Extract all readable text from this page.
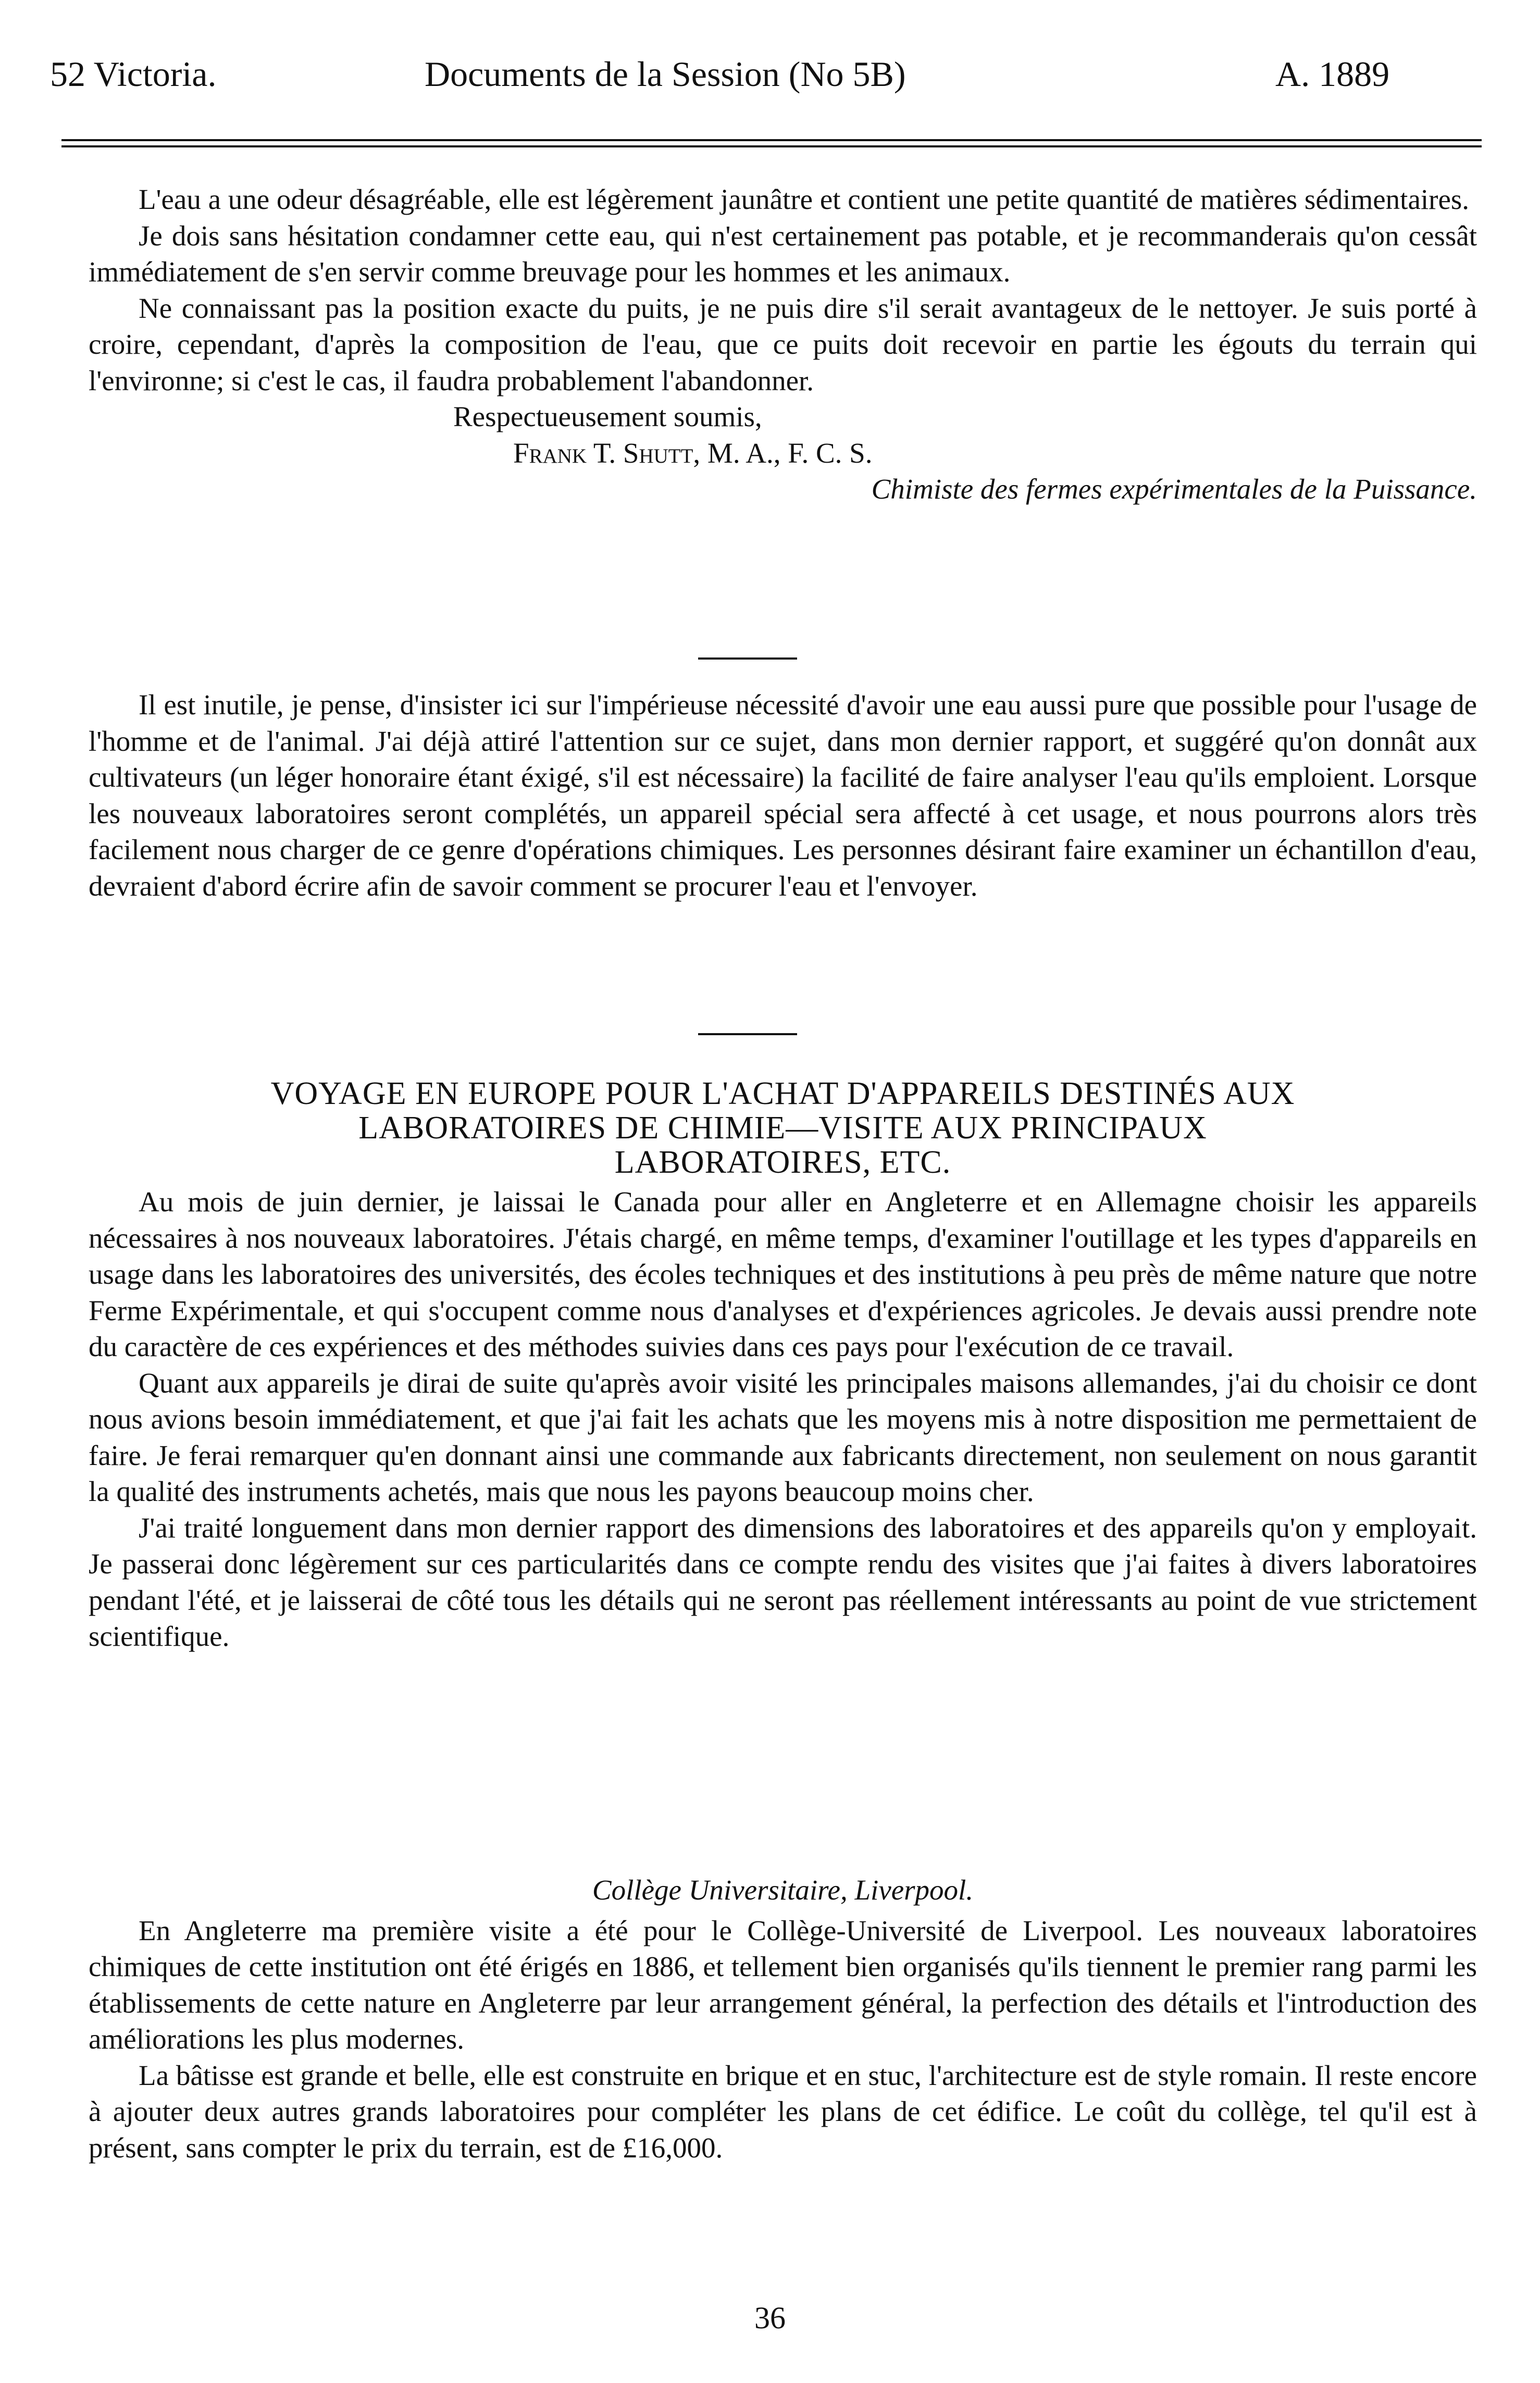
52 Victoria.	Documents de la Session (No 5B)	A. 1889

L'eau a une odeur désagréable, elle est légèrement jaunâtre et contient une petite quantité de matières sédimentaires.

Je dois sans hésitation condamner cette eau, qui n'est certainement pas potable, et je recommanderais qu'on cessât immédiatement de s'en servir comme breuvage pour les hommes et les animaux.

Ne connaissant pas la position exacte du puits, je ne puis dire s'il serait avantageux de le nettoyer. Je suis porté à croire, cependant, d'après la composition de l'eau, que ce puits doit recevoir en partie les égouts du terrain qui l'environne; si c'est le cas, il faudra probablement l'abandonner.

Respectueusement soumis,

Frank T. Shutt, M. A., F. C. S.

Chimiste des fermes expérimentales de la Puissance.

Il est inutile, je pense, d'insister ici sur l'impérieuse nécessité d'avoir une eau aussi pure que possible pour l'usage de l'homme et de l'animal. J'ai déjà attiré l'attention sur ce sujet, dans mon dernier rapport, et suggéré qu'on donnât aux cultivateurs (un léger honoraire étant éxigé, s'il est nécessaire) la facilité de faire analyser l'eau qu'ils emploient. Lorsque les nouveaux laboratoires seront complétés, un appareil spécial sera affecté à cet usage, et nous pourrons alors très facilement nous charger de ce genre d'opérations chimiques. Les personnes désirant faire examiner un échantillon d'eau, devraient d'abord écrire afin de savoir comment se procurer l'eau et l'envoyer.

VOYAGE EN EUROPE POUR L'ACHAT D'APPAREILS DESTINÉS AUX

LABORATOIRES DE CHIMIE—VISITE AUX PRINCIPAUX

LABORATOIRES, ETC.

Au mois de juin dernier, je laissai le Canada pour aller en Angleterre et en Allemagne choisir les appareils nécessaires à nos nouveaux laboratoires. J'étais chargé, en même temps, d'examiner l'outillage et les types d'appareils en usage dans les laboratoires des universités, des écoles techniques et des institutions à peu près de même nature que notre Ferme Expérimentale, et qui s'occupent comme nous d'analyses et d'expériences agricoles. Je devais aussi prendre note du caractère de ces expériences et des méthodes suivies dans ces pays pour l'exécution de ce travail.

Quant aux appareils je dirai de suite qu'après avoir visité les principales maisons allemandes, j'ai du choisir ce dont nous avions besoin immédiatement, et que j'ai fait les achats que les moyens mis à notre disposition me permettaient de faire. Je ferai remarquer qu'en donnant ainsi une commande aux fabricants directement, non seulement on nous garantit la qualité des instruments achetés, mais que nous les payons beaucoup moins cher.

J'ai traité longuement dans mon dernier rapport des dimensions des laboratoires et des appareils qu'on y employait. Je passerai donc légèrement sur ces particularités dans ce compte rendu des visites que j'ai faites à divers laboratoires pendant l'été, et je laisserai de côté tous les détails qui ne seront pas réellement intéressants au point de vue strictement scientifique.

Collège Universitaire, Liverpool.

En Angleterre ma première visite a été pour le Collège-Université de Liverpool. Les nouveaux laboratoires chimiques de cette institution ont été érigés en 1886, et tellement bien organisés qu'ils tiennent le premier rang parmi les établissements de cette nature en Angleterre par leur arrangement général, la perfection des détails et l'introduction des améliorations les plus modernes.

La bâtisse est grande et belle, elle est construite en brique et en stuc, l'architecture est de style romain. Il reste encore à ajouter deux autres grands laboratoires pour compléter les plans de cet édifice. Le coût du collège, tel qu'il est à présent, sans compter le prix du terrain, est de £16,000.

36
